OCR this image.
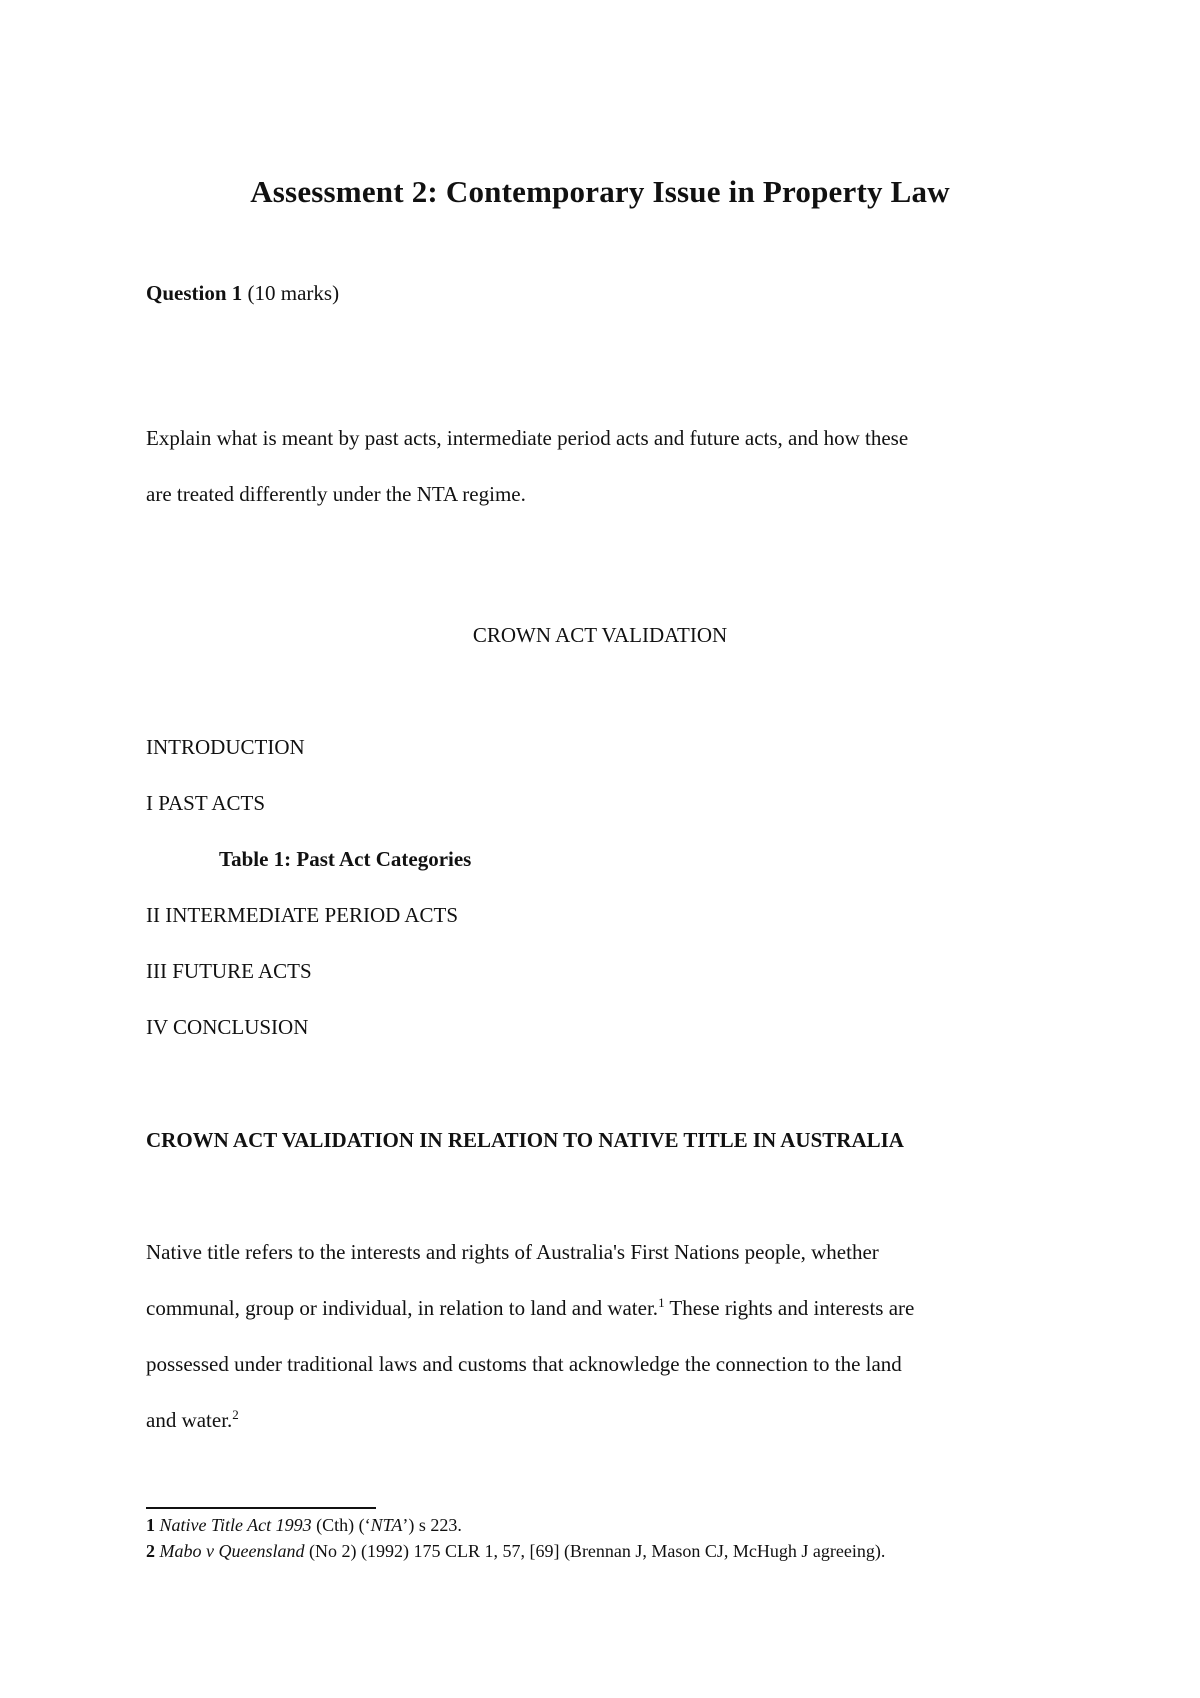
Assessment 2: Contemporary Issue in Property Law
Question 1 (10 marks)
Explain what is meant by past acts, intermediate period acts and future acts, and how these
are treated differently under the NTA regime.
CROWN ACT VALIDATION
INTRODUCTION
I PAST ACTS
Table 1: Past Act Categories
II INTERMEDIATE PERIOD ACTS
III FUTURE ACTS
IV CONCLUSION
CROWN ACT VALIDATION IN RELATION TO NATIVE TITLE IN AUSTRALIA
Native title refers to the interests and rights of Australia's First Nations people, whether
communal, group or individual, in relation to land and water.$^1$ These rights and interests are
possessed under traditional laws and customs that acknowledge the connection to the land
and water.$^2$
1 Native Title Act 1993 (Cth) (‘NTA’) s 223.
2 Mabo v Queensland (No 2) (1992) 175 CLR 1, 57, [69] (Brennan J, Mason CJ, McHugh J agreeing).
